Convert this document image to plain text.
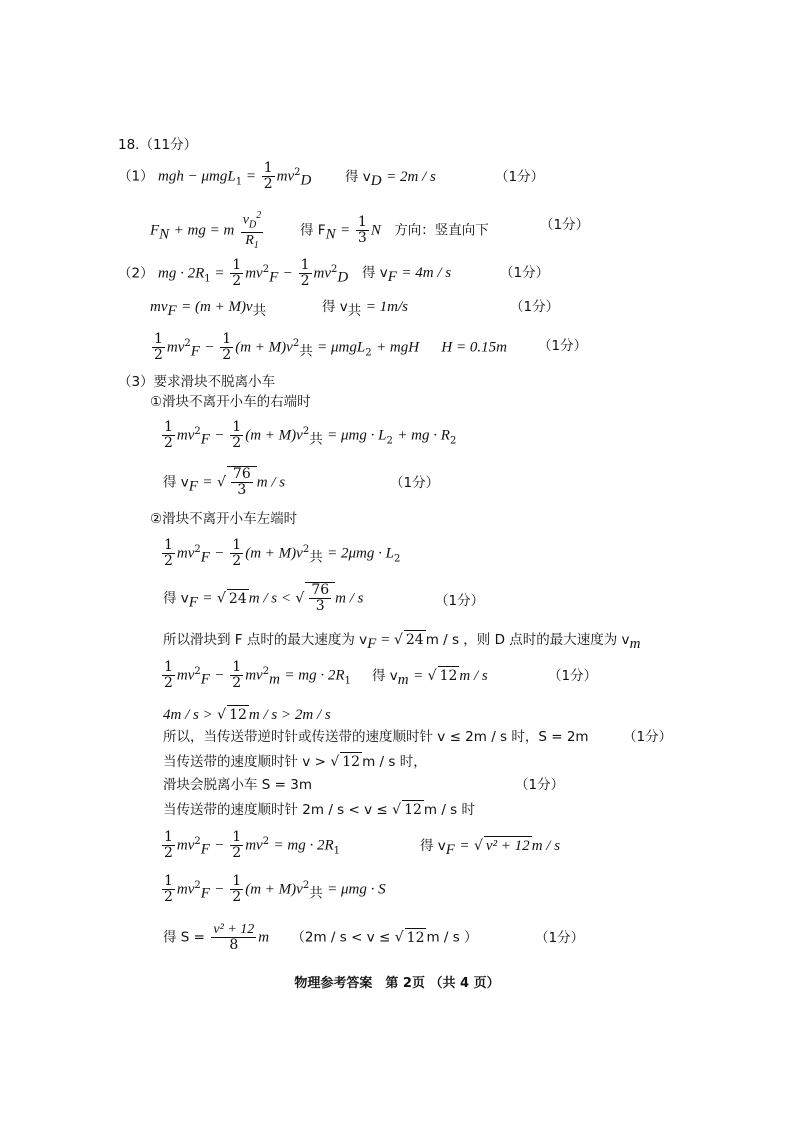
18.（11分）
（1） mgh − $\mu mgL_1 = \frac{1}{2} mv^2_D$ 得 $v_D = 2m / s$	（1分）
$F_N$ + mg = m $\frac{v_D^2}{R_1}$	得 $F_N = \frac{1}{3}$ N 方向：竖直向下	（1分）
（2） mg · $2R_1 = \frac{1}{2} mv^2_F - \frac{1}{2} mv^2_D$ 得 $v_F = 4m / s$	（1分）
$mv_F = (m + M)v_共$	得 $v_共 = 1m/s$	（1分）
$\frac{1}{2} mv^2_F - \frac{1}{2} (m + M)v^2_共 = \mu mgL_2$ + mgH H = 0.15m （1分）
（3）要求滑块不脱离小车
①滑块不离开小车的右端时
$\frac{1}{2} mv^2_F - \frac{1}{2} (m + M)v^2_共 = \mu mg \cdot L_2$ + mg · $R_2$
得 $v_F$ = √ $\frac{76}{3}$ m / s	（1分）
②滑块不离开小车左端时
$\frac{1}{2} mv^2_F - \frac{1}{2} (m + M)v^2_共 = 2\mu mg \cdot L_2$
得 $v_F$ = √ 24 m / s < √ $\frac{76}{3}$ m / s	（1分）
所以滑块到 F 点时的最大速度为 $v_F$ = √ 24 m / s ，则 D 点时的最大速度为 $v_m$
$\frac{1}{2} mv^2_F - \frac{1}{2} mv^2_m$ = mg · $2R_1$ 得 $v_m$ = √ 12 m / s	（1分）
4m / s > √ 12 m / s > 2m / s
所以，当传送带逆时针或传送带的速度顺时针 v ≤ 2m / s 时，S = 2m	（1分）
当传送带的速度顺时针 v > √ 12 m / s 时，
滑块会脱离小车 S = 3m	（1分）
当传送带的速度顺时针 2m / s < v ≤ √ 12 m / s 时
$\frac{1}{2} mv^2_F - \frac{1}{2} mv^2$ = mg · $2R_1$	得 $v_F$ = √ v² + 12 m / s
$\frac{1}{2} mv^2_F - \frac{1}{2} (m + M)v^2_共 = \mu mg \cdot S$
得 $S = \frac{\text{v² + 12}}{8}$ m （2m / s < v ≤ √ 12 m / s ）	（1分）
物理参考答案　第 2页 （共 4 页）
